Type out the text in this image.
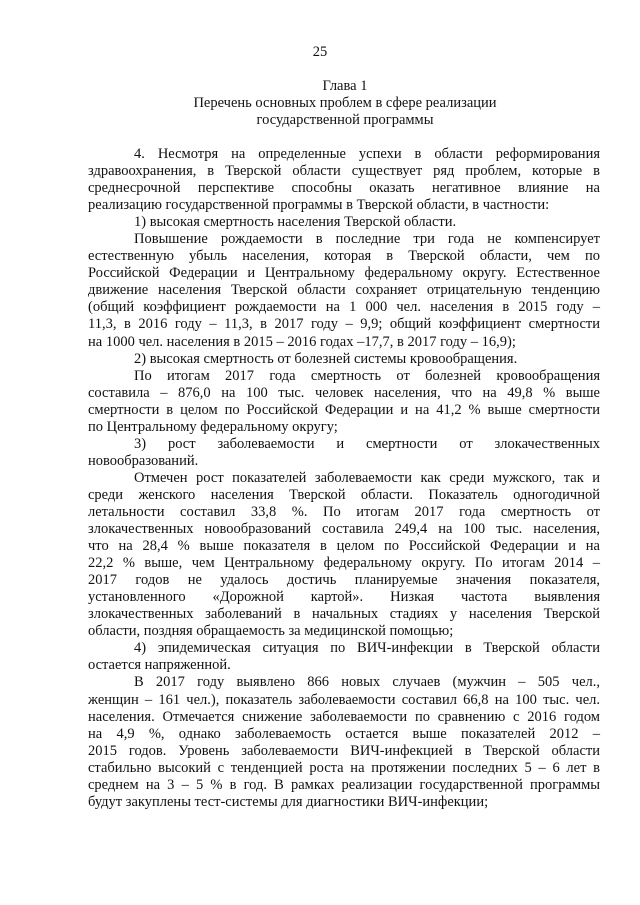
25
Глава 1
Перечень основных проблем в сфере реализации
государственной программы
4. Несмотря на определенные успехи в области реформирования
здравоохранения, в Тверской области существует ряд проблем, которые в
среднесрочной перспективе способны оказать негативное влияние на
реализацию государственной программы в Тверской области, в частности:
1) высокая смертность населения Тверской области.
Повышение рождаемости в последние три года не компенсирует
естественную убыль населения, которая в Тверской области, чем по
Российской Федерации и Центральному федеральному округу. Естественное
движение населения Тверской области сохраняет отрицательную тенденцию
(общий коэффициент рождаемости на 1 000 чел. населения в 2015 году –
11,3, в 2016 году – 11,3, в 2017 году – 9,9; общий коэффициент смертности
на 1000 чел. населения в 2015 – 2016 годах –17,7, в 2017 году – 16,9);
2) высокая смертность от болезней системы кровообращения.
По итогам 2017 года смертность от болезней кровообращения
составила – 876,0 на 100 тыс. человек населения, что на 49,8 % выше
смертности в целом по Российской Федерации и на 41,2 % выше смертности
по Центральному федеральному округу;
3) рост заболеваемости и смертности от злокачественных
новообразований.
Отмечен рост показателей заболеваемости как среди мужского, так и
среди женского населения Тверской области. Показатель одногодичной
летальности составил 33,8 %. По итогам 2017 года смертность от
злокачественных новообразований составила 249,4 на 100 тыс. населения,
что на 28,4 % выше показателя в целом по Российской Федерации и на
22,2 % выше, чем Центральному федеральному округу. По итогам 2014 –
2017 годов не удалось достичь планируемые значения показателя,
установленного «Дорожной картой». Низкая частота выявления
злокачественных заболеваний в начальных стадиях у населения Тверской
области, поздняя обращаемость за медицинской помощью;
4) эпидемическая ситуация по ВИЧ-инфекции в Тверской области
остается напряженной.
В 2017 году выявлено 866 новых случаев (мужчин – 505 чел.,
женщин – 161 чел.), показатель заболеваемости составил 66,8 на 100 тыс. чел.
населения. Отмечается снижение заболеваемости по сравнению с 2016 годом
на 4,9 %, однако заболеваемость остается выше показателей 2012 –
2015 годов. Уровень заболеваемости ВИЧ-инфекцией в Тверской области
стабильно высокий с тенденцией роста на протяжении последних 5 – 6 лет в
среднем на 3 – 5 % в год. В рамках реализации государственной программы
будут закуплены тест-системы для диагностики ВИЧ-инфекции;
